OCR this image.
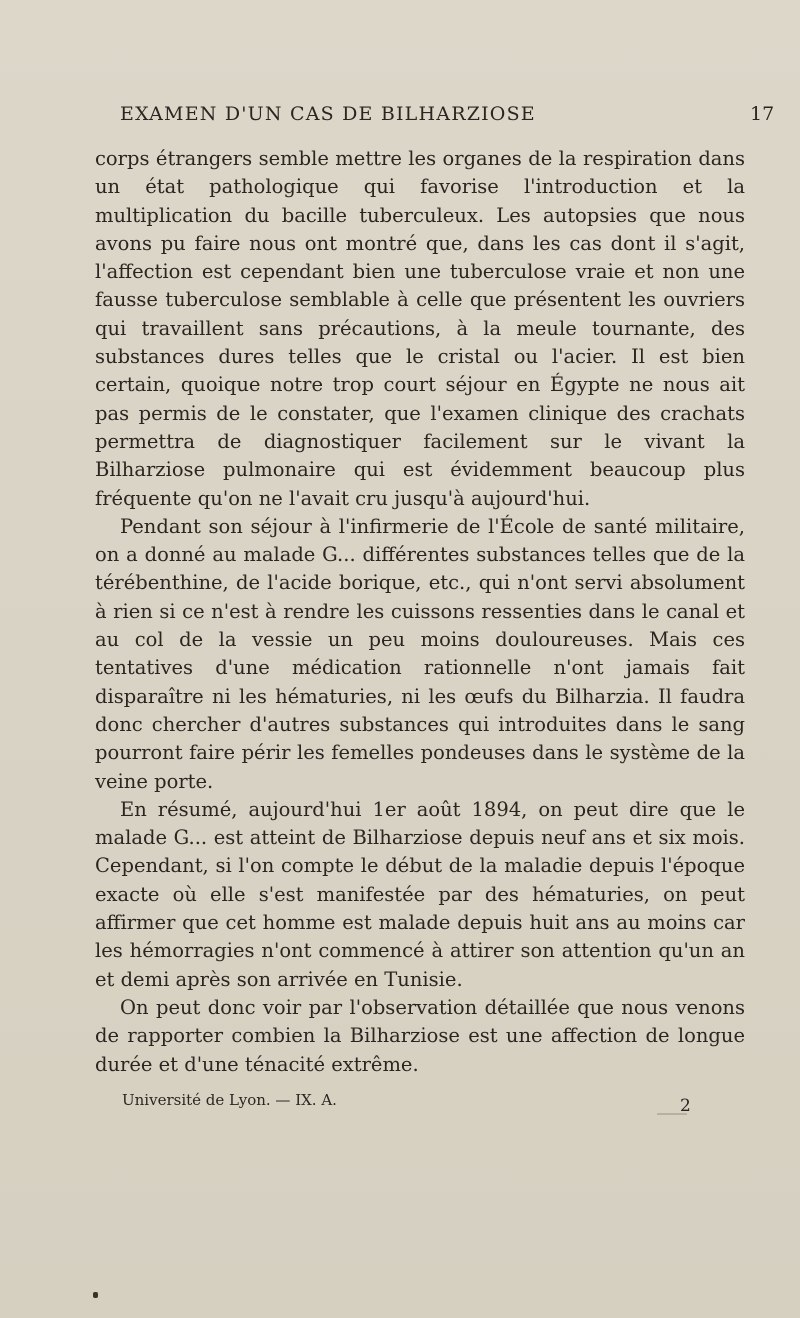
EXAMEN D'UN CAS DE BILHARZIOSE	17

corps étrangers semble mettre les organes de la respiration dans un état pathologique qui favorise l'introduction et la multiplication du bacille tuberculeux. Les autopsies que nous avons pu faire nous ont montré que, dans les cas dont il s'agit, l'affection est cependant bien une tuberculose vraie et non une fausse tuberculose semblable à celle que présentent les ouvriers qui travaillent sans précautions, à la meule tournante, des substances dures telles que le cristal ou l'acier. Il est bien certain, quoique notre trop court séjour en Égypte ne nous ait pas permis de le constater, que l'examen clinique des crachats permettra de diagnostiquer facilement sur le vivant la Bilharziose pulmonaire qui est évidemment beaucoup plus fréquente qu'on ne l'avait cru jusqu'à aujourd'hui.

Pendant son séjour à l'infirmerie de l'École de santé militaire, on a donné au malade G... différentes substances telles que de la térébenthine, de l'acide borique, etc., qui n'ont servi absolument à rien si ce n'est à rendre les cuissons ressenties dans le canal et au col de la vessie un peu moins douloureuses. Mais ces tentatives d'une médication rationnelle n'ont jamais fait disparaître ni les hématuries, ni les œufs du Bilharzia. Il faudra donc chercher d'autres substances qui introduites dans le sang pourront faire périr les femelles pondeuses dans le système de la veine porte.

En résumé, aujourd'hui 1er août 1894, on peut dire que le malade G... est atteint de Bilharziose depuis neuf ans et six mois. Cependant, si l'on compte le début de la maladie depuis l'époque exacte où elle s'est manifestée par des hématuries, on peut affirmer que cet homme est malade depuis huit ans au moins car les hémorragies n'ont commencé à attirer son attention qu'un an et demi après son arrivée en Tunisie.

On peut donc voir par l'observation détaillée que nous venons de rapporter combien la Bilharziose est une affection de longue durée et d'une ténacité extrême.

Université de Lyon. — IX. A.	2
